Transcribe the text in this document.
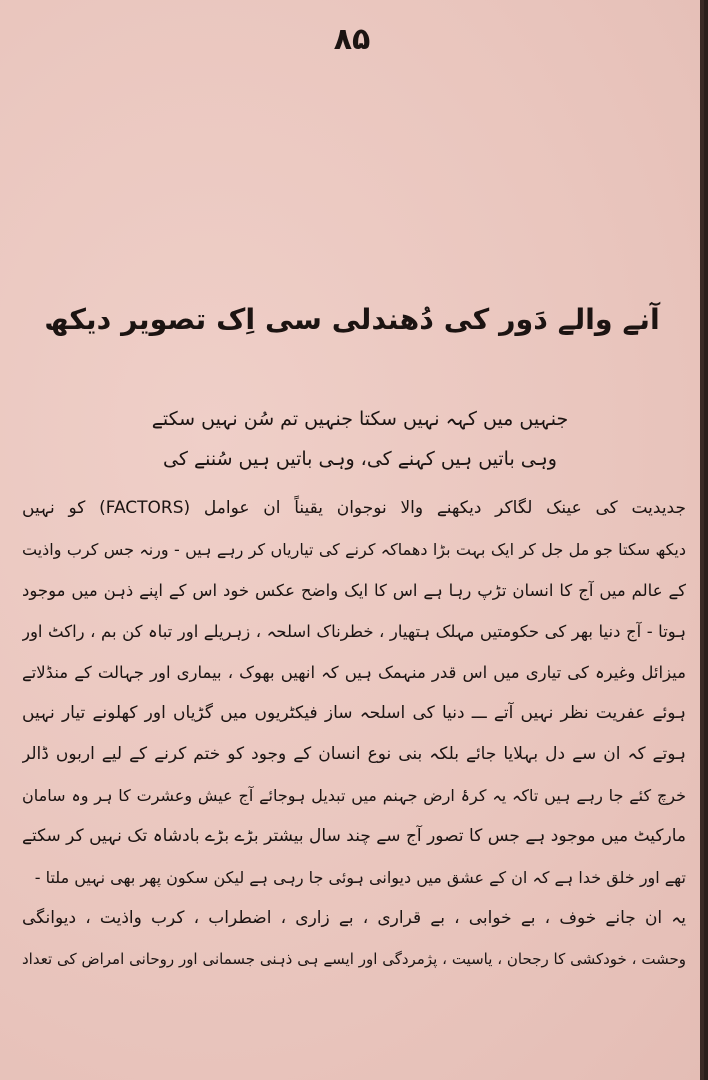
۸۵
آنے والے دَور کی دُھندلی سی اِک تصویر دیکھ
جنہیں میں کہہ نہیں سکتا جنہیں تم سُن نہیں سکتے
وہی باتیں ہیں کہنے کی، وہی باتیں ہیں سُننے کی
جدیدیت کی عینک لگاکر دیکھنے والا نوجوان یقیناً ان عوامل (FACTORS) کو نہیں
دیکھ سکتا جو مل جل کر ایک بہت بڑا دھماکہ کرنے کی تیاریاں کر رہے ہیں - ورنہ جس کرب واذیت
کے عالم میں آج کا انسان تڑپ رہا ہے اس کا ایک واضح عکس خود اس کے اپنے ذہن میں موجود
ہوتا - آج دنیا بھر کی حکومتیں مہلک ہتھیار ، خطرناک اسلحہ ، زہریلے اور تباہ کن بم ، راکٹ اور
میزائل وغیرہ کی تیاری میں اس قدر منہمک ہیں کہ انھیں بھوک ، بیماری اور جہالت کے منڈلاتے
ہوئے عفریت نظر نہیں آتے ـــ دنیا کی اسلحہ ساز فیکٹریوں میں گڑیاں اور کھلونے تیار نہیں
ہوتے کہ ان سے دل بہلایا جائے بلکہ بنی نوع انسان کے وجود کو ختم کرنے کے لیے اربوں ڈالر
خرچ کئے جا رہے ہیں تاکہ یہ کرۂ ارض جہنم میں تبدیل ہوجائے آج عیش وعشرت کا ہر وہ سامان
مارکیٹ میں موجود ہے جس کا تصور آج سے چند سال بیشتر بڑے بڑے بادشاہ تک نہیں کر سکتے
تھے اور خلق خدا ہے کہ ان کے عشق میں دیوانی ہوئی جا رہی ہے لیکن سکون پھر بھی نہیں ملتا -
یہ ان جانے خوف ، بے خوابی ، بے قراری ، بے زاری ، اضطراب ، کرب واذیت ، دیوانگی
وحشت ، خودکشی کا رجحان ، یاسیت ، پژمردگی اور ایسے ہی ذہنی جسمانی اور روحانی امراض کی تعداد
